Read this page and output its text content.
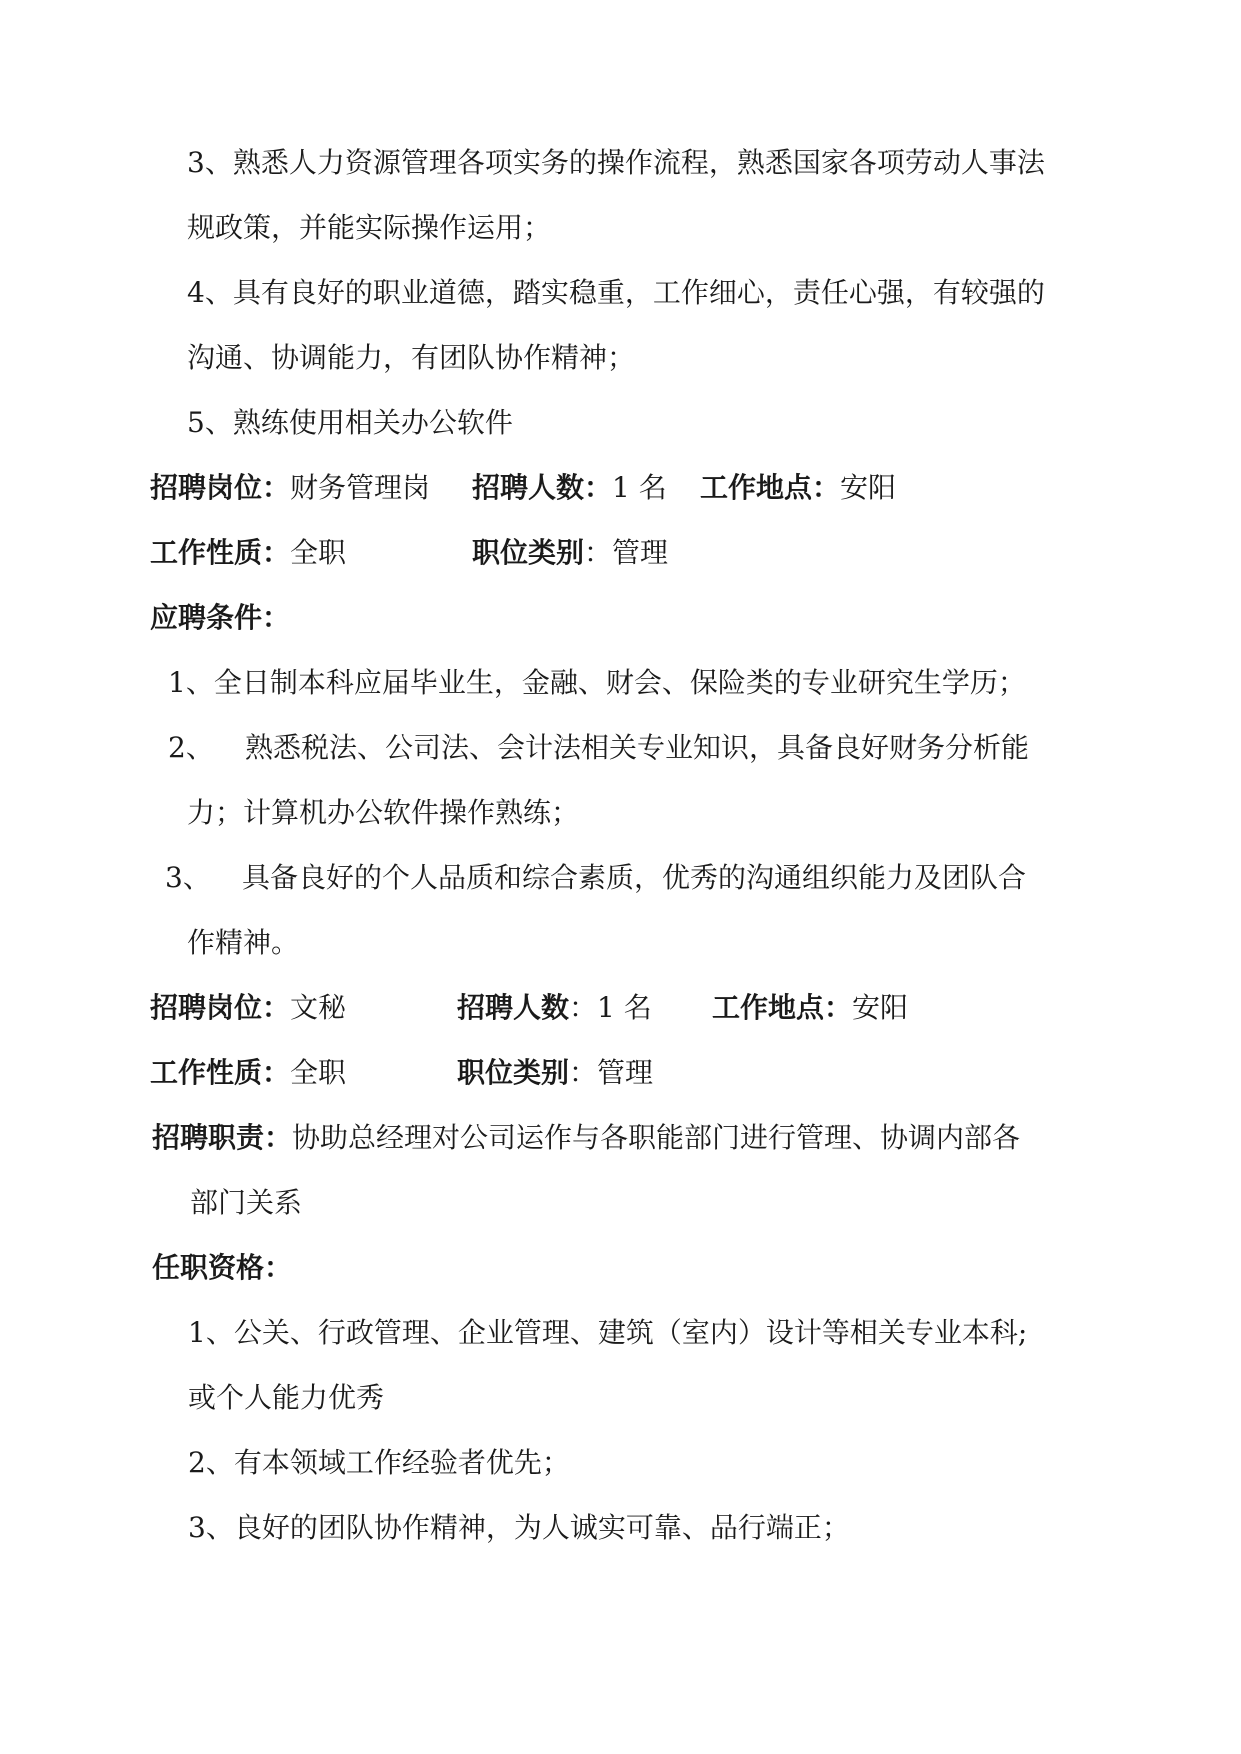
3、熟悉人力资源管理各项实务的操作流程，熟悉国家各项劳动人事法
规政策，并能实际操作运用；
4、具有良好的职业道德，踏实稳重，工作细心，责任心强，有较强的
沟通、协调能力，有团队协作精神；
5、熟练使用相关办公软件
招聘岗位：财务管理岗 招聘人数：1 名 工作地点：安阳
工作性质：全职	职位类别：管理
应聘条件：
1、全日制本科应届毕业生，金融、财会、保险类的专业研究生学历；
2、 熟悉税法、公司法、会计法相关专业知识，具备良好财务分析能
力；计算机办公软件操作熟练；
3、 具备良好的个人品质和综合素质，优秀的沟通组织能力及团队合
作精神。
招聘岗位：文秘	招聘人数：1 名 工作地点：安阳
工作性质：全职	职位类别：管理
招聘职责：协助总经理对公司运作与各职能部门进行管理、协调内部各
部门关系
任职资格：
1、公关、行政管理、企业管理、建筑（室内）设计等相关专业本科;
或个人能力优秀
2、有本领域工作经验者优先；
3、良好的团队协作精神，为人诚实可靠、品行端正；
